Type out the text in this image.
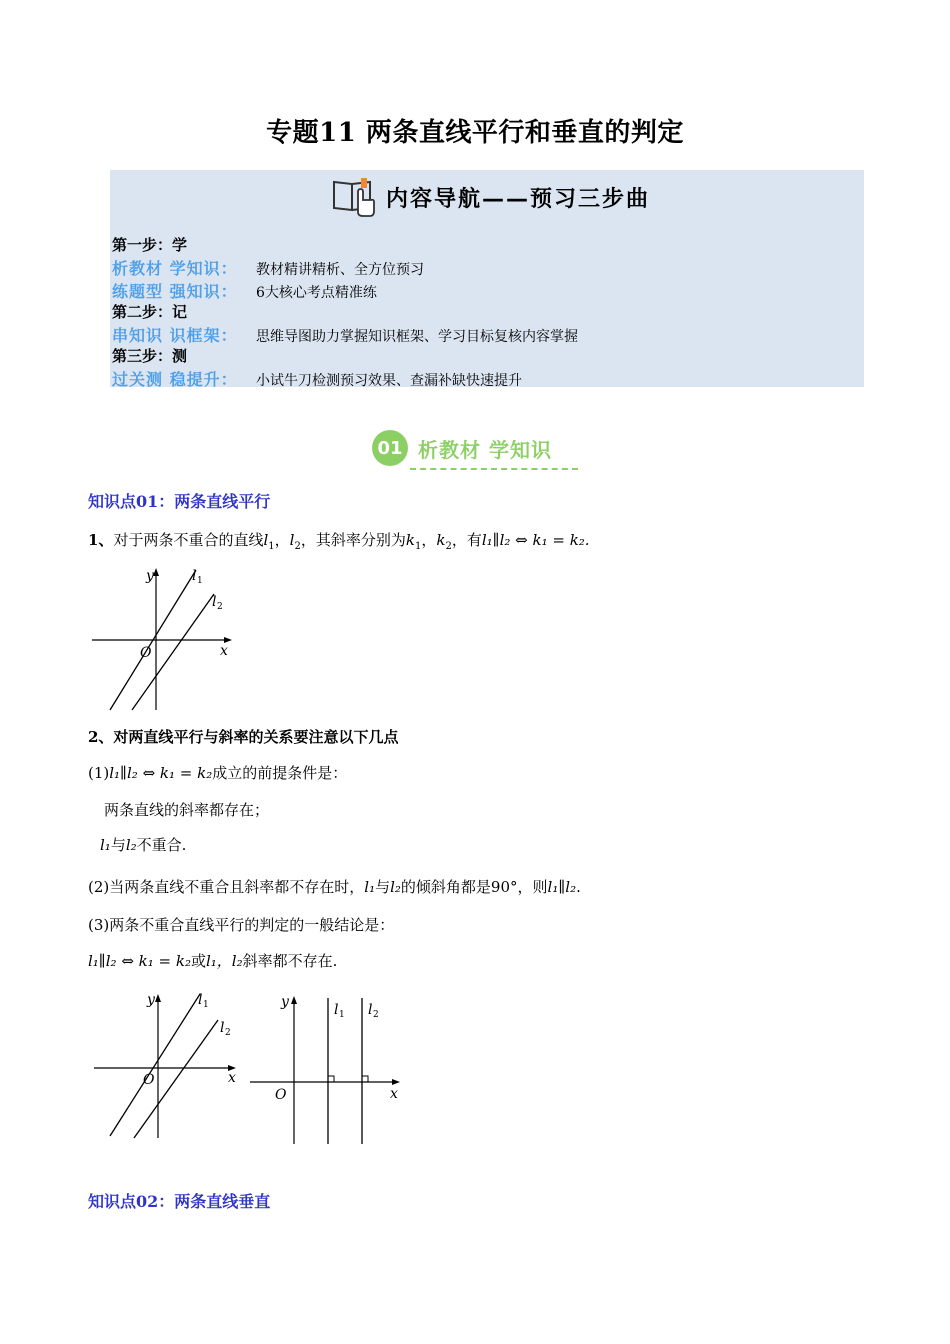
专题11 两条直线平行和垂直的判定
内容导航——预习三步曲
第一步：学
析教材 学知识： 教材精讲精析、全方位预习
练题型 强知识： 6大核心考点精准练
第二步：记
串知识 识框架： 思维导图助力掌握知识框架、学习目标复核内容掌握
第三步：测
过关测 稳提升： 小试牛刀检测预习效果、查漏补缺快速提升
01 析教材 学知识
知识点01：两条直线平行
1、对于两条不重合的直线$l_1$，$l_2$，其斜率分别为$k_1$，$k_2$，有l₁∥l₂ ⇔ k₁ = k₂.
y
x
O
l 1
l 2
2、对两直线平行与斜率的关系要注意以下几点
(1)l₁∥l₂ ⇔ k₁ = k₂成立的前提条件是：
两条直线的斜率都存在；
l₁与l₂不重合.
(2)当两条直线不重合且斜率都不存在时，l₁与l₂的倾斜角都是90°，则l₁∥l₂.
(3)两条不重合直线平行的判定的一般结论是：
l₁∥l₂ ⇔ k₁ = k₂或l₁，l₂斜率都不存在.
y
x
O
l 1
l 2
y
x
O
l 1 l 2
知识点02：两条直线垂直
